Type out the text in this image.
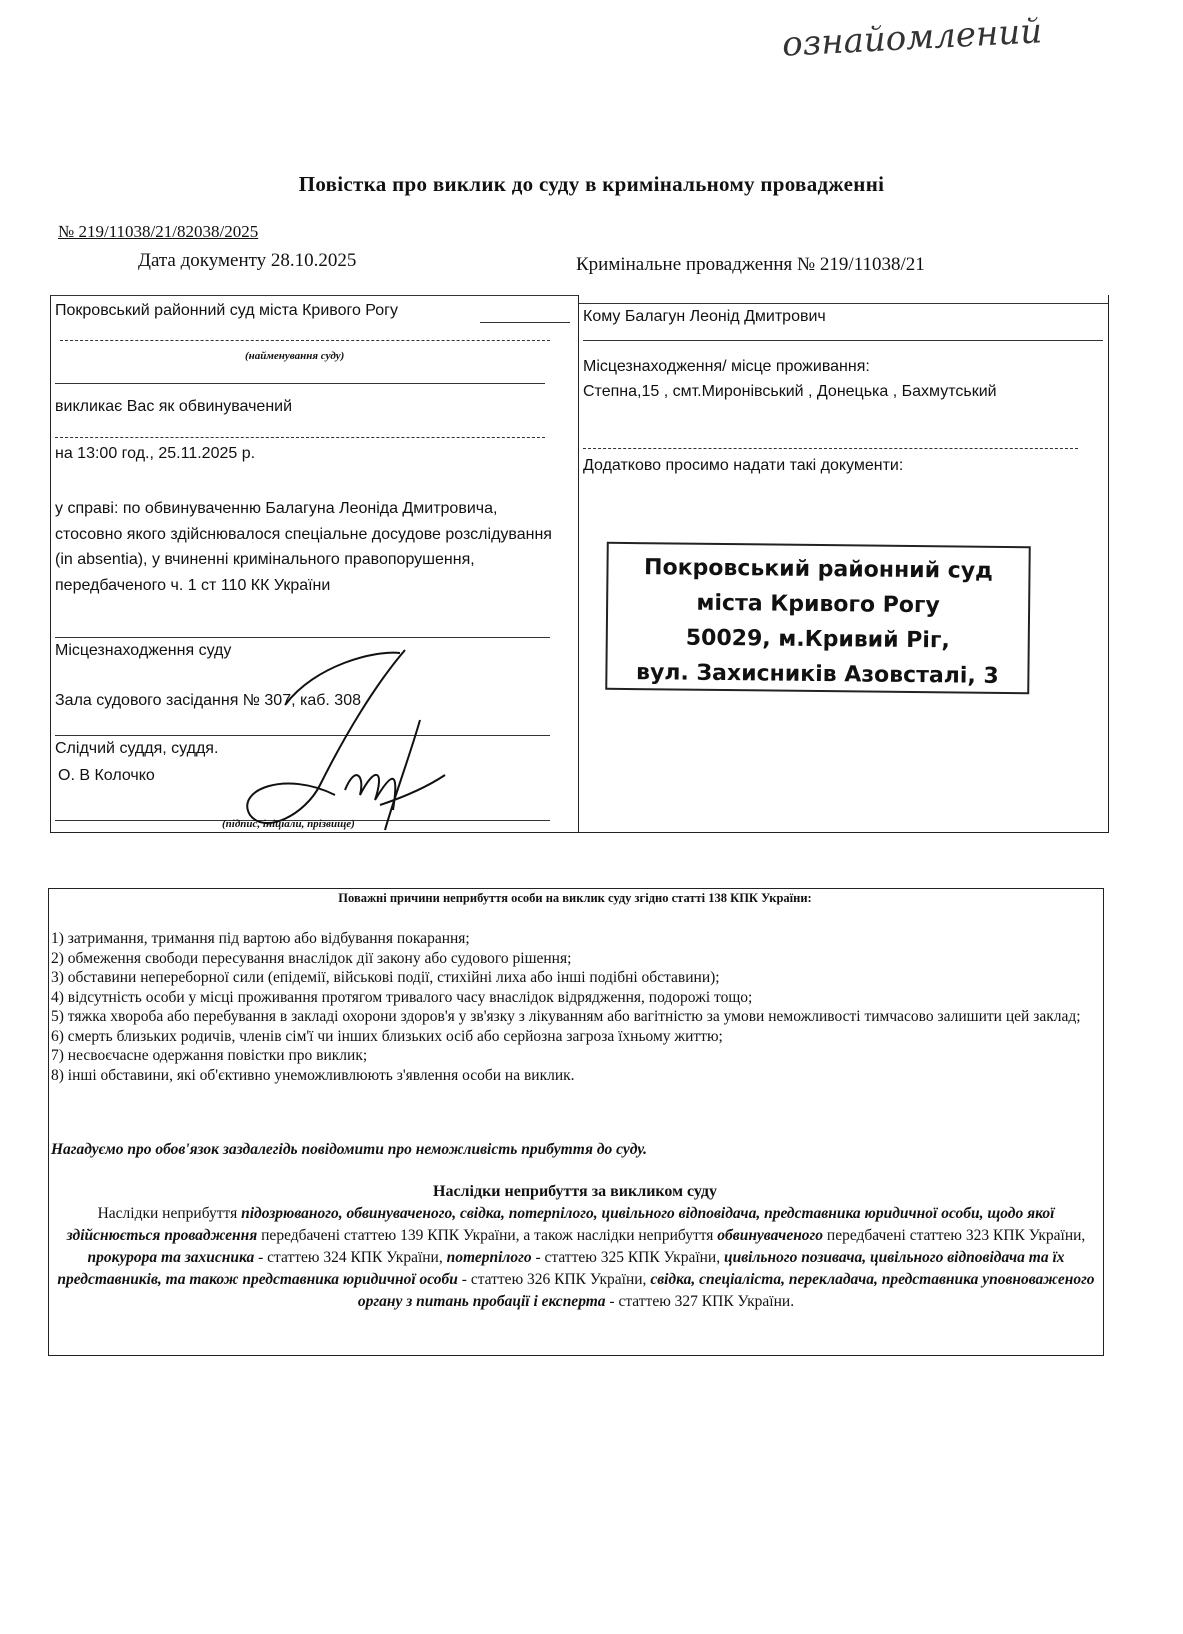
ознайомлений
Повістка про виклик до суду в кримінальному провадженні
№ 219/11038/21/82038/2025
Дата документу 28.10.2025	Кримінальне провадження № 219/11038/21
Покровський районний суд міста Кривого Рогу
(найменування суду)
викликає Вас як обвинувачений
на 13:00 год., 25.11.2025 р.
у справі: по обвинуваченню Балагуна Леоніда Дмитровича, стосовно якого здійснювалося спеціальне досудове розслідування (in absentia), у вчиненні кримінального правопорушення, передбаченого ч. 1 ст 110 КК України
Місцезнаходження суду
Зала судового засідання № 307, каб. 308
Слідчий суддя, суддя.
О. В Колочко
(підпис, ініціали, прізвище)
Кому Балагун Леонід Дмитрович
Місцезнаходження/ місце проживання:
Степна,15 , смт.Миронівський , Донецька , Бахмутський
Додатково просимо надати такі документи:
Покровський районний суд
міста Кривого Рогу
50029, м.Кривий Ріг,
вул. Захисників Азовсталі, 3
Поважні причини неприбуття особи на виклик суду згідно статті 138 КПК України:
1) затримання, тримання під вартою або відбування покарання;
2) обмеження свободи пересування внаслідок дії закону або судового рішення;
3) обставини непереборної сили (епідемії, військові події, стихійні лиха або інші подібні обставини);
4) відсутність особи у місці проживання протягом тривалого часу внаслідок відрядження, подорожі тощо;
5) тяжка хвороба або перебування в закладі охорони здоров'я у зв'язку з лікуванням або вагітністю за умови неможливості тимчасово залишити цей заклад;
6) смерть близьких родичів, членів сім'ї чи інших близьких осіб або серйозна загроза їхньому життю;
7) несвоєчасне одержання повістки про виклик;
8) інші обставини, які об'єктивно унеможливлюють з'явлення особи на виклик.
Нагадуємо про обов'язок заздалегідь повідомити про неможливість прибуття до суду.
Наслідки неприбуття за викликом суду
Наслідки неприбуття підозрюваного, обвинуваченого, свідка, потерпілого, цивільного відповідача, представника юридичної особи, щодо якої здійснюється провадження передбачені статтею 139 КПК України, а також наслідки неприбуття обвинуваченого передбачені статтею 323 КПК України, прокурора та захисника - статтею 324 КПК України, потерпілого - статтею 325 КПК України, цивільного позивача, цивільного відповідача та їх представників, та також представника юридичної особи - статтею 326 КПК України, свідка, спеціаліста, перекладача, представника уповноваженого органу з питань пробації і експерта - статтею 327 КПК України.
